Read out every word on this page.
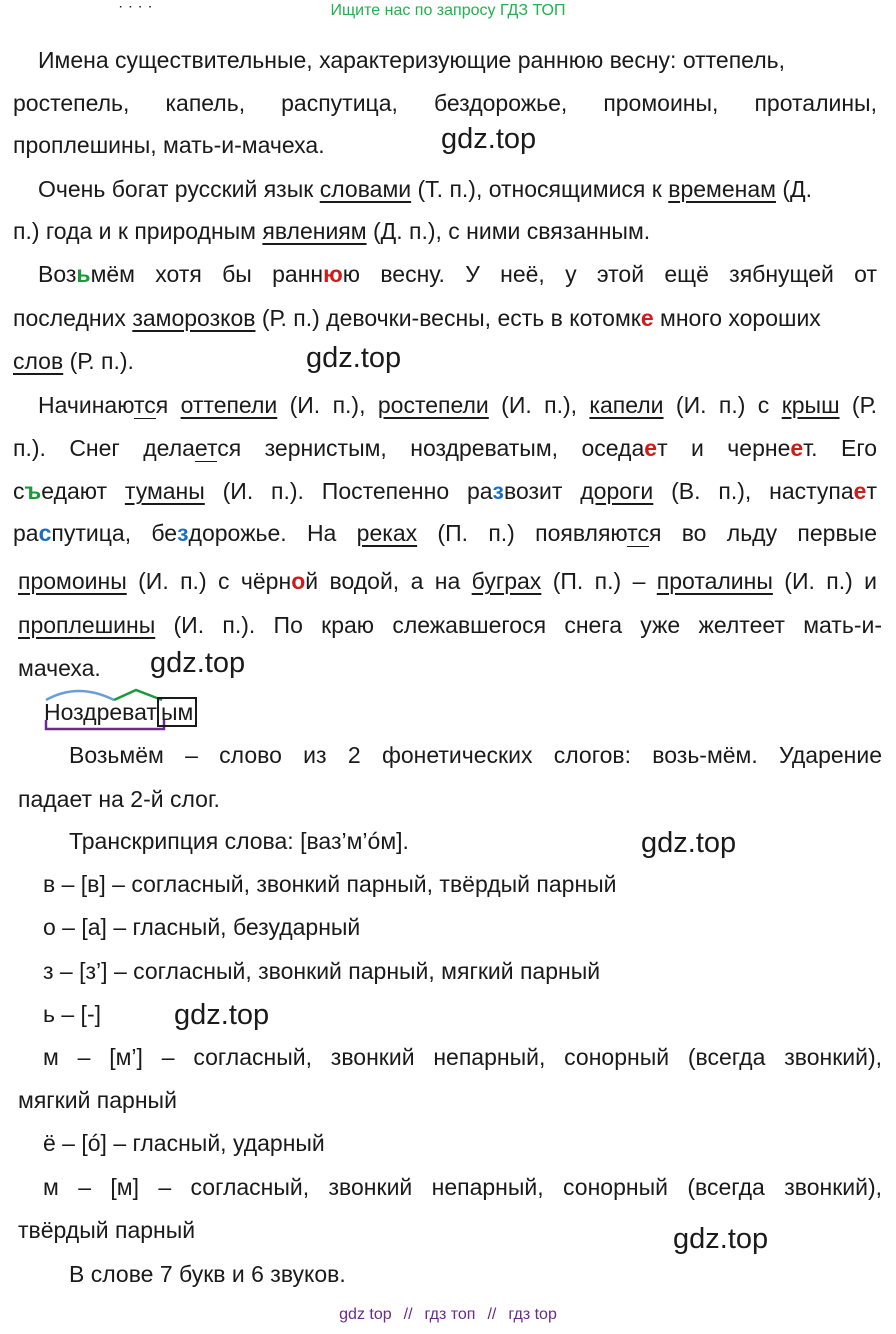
Ищите нас по запросу ГДЗ ТОП
· · · ·
Имена существительные, характеризующие раннюю весну: оттепель,
ростепель, капель, распутица, бездорожье, промоины, проталины,
проплешины, мать-и-мачеха.	gdz.top
Очень богат русский язык словами (Т. п.), относящимися к временам (Д.
п.) года и к природным явлениям (Д. п.), с ними связанным.
Возьмём хотя бы раннюю весну. У неё, у этой ещё зябнущей от
последних заморозков (Р. п.) девочки-весны, есть в котомке много хороших
слов (Р. п.).	gdz.top
Начинаются оттепели (И. п.), ростепели (И. п.), капели (И. п.) с крыш (Р.
п.). Снег делается зернистым, ноздреватым, оседает и чернеет. Его
съедают туманы (И. п.). Постепенно развозит дороги (В. п.), наступает
распутица, бездорожье. На реках (П. п.) появляются во льду первые
промоины (И. п.) с чёрной водой, а на буграх (П. п.) – проталины (И. п.) и
проплешины (И. п.). По краю слежавшегося снега уже желтеет мать-и-
мачеха. gdz.top
Ноздреват ым
Возьмём – слово из 2 фонетических слогов: возь-мём. Ударение
падает на 2-й слог.
Транскрипция слова: [ваз’м’óм].	gdz.top
в – [в] – согласный, звонкий парный, твёрдый парный
о – [а] – гласный, безударный
з – [з’] – согласный, звонкий парный, мягкий парный
ь – [-]	gdz.top
м – [м’] – согласный, звонкий непарный, сонорный (всегда звонкий),
мягкий парный
ё – [ó] – гласный, ударный
м – [м] – согласный, звонкий непарный, сонорный (всегда звонкий),
твёрдый парный	gdz.top
В слове 7 букв и 6 звуков.
gdz top // гдз топ // гдз top
